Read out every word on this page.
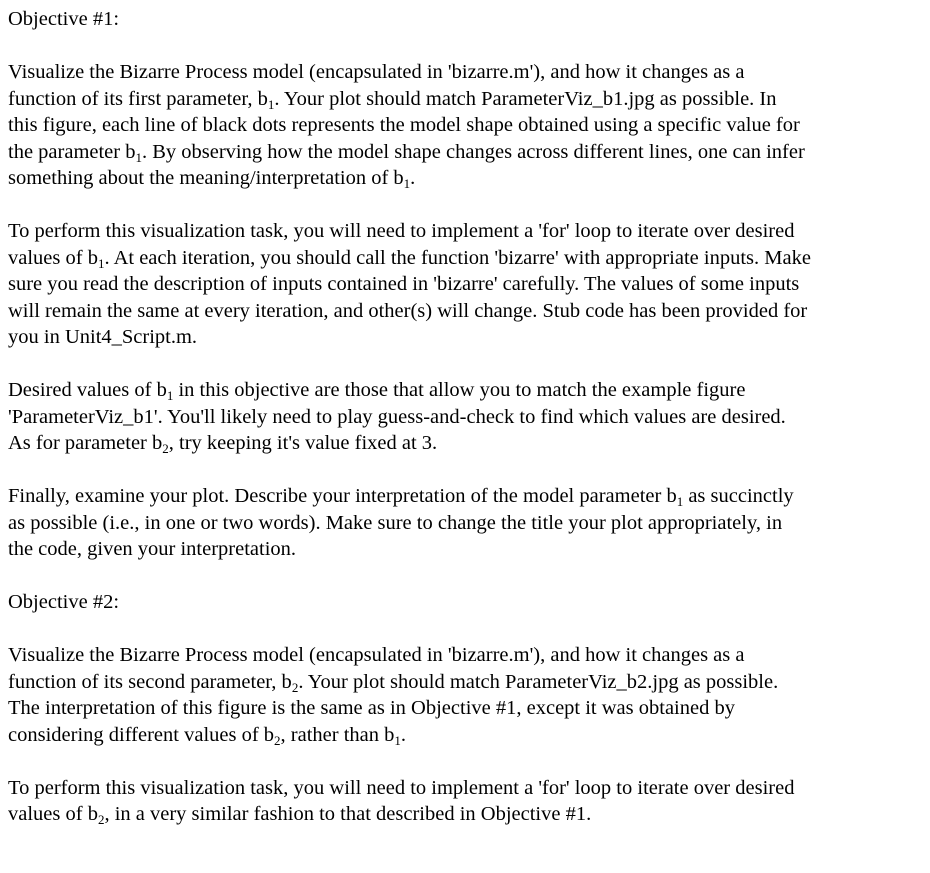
Objective #1:
Visualize the Bizarre Process model (encapsulated in 'bizarre.m'), and how it changes as a
function of its first parameter, $b_1$. Your plot should match ParameterViz_b1.jpg as possible. In
this figure, each line of black dots represents the model shape obtained using a specific value for
the parameter $b_1$. By observing how the model shape changes across different lines, one can infer
something about the meaning/interpretation of $b_1$.
To perform this visualization task, you will need to implement a 'for' loop to iterate over desired
values of $b_1$. At each iteration, you should call the function 'bizarre' with appropriate inputs. Make
sure you read the description of inputs contained in 'bizarre' carefully. The values of some inputs
will remain the same at every iteration, and other(s) will change. Stub code has been provided for
you in Unit4_Script.m.
Desired values of $b_1$ in this objective are those that allow you to match the example figure
'ParameterViz_b1'. You'll likely need to play guess-and-check to find which values are desired.
As for parameter $b_2$, try keeping it's value fixed at 3.
Finally, examine your plot. Describe your interpretation of the model parameter $b_1$ as succinctly
as possible (i.e., in one or two words). Make sure to change the title your plot appropriately, in
the code, given your interpretation.
Objective #2:
Visualize the Bizarre Process model (encapsulated in 'bizarre.m'), and how it changes as a
function of its second parameter, $b_2$. Your plot should match ParameterViz_b2.jpg as possible.
The interpretation of this figure is the same as in Objective #1, except it was obtained by
considering different values of $b_2$, rather than $b_1$.
To perform this visualization task, you will need to implement a 'for' loop to iterate over desired
values of $b_2$, in a very similar fashion to that described in Objective #1.
